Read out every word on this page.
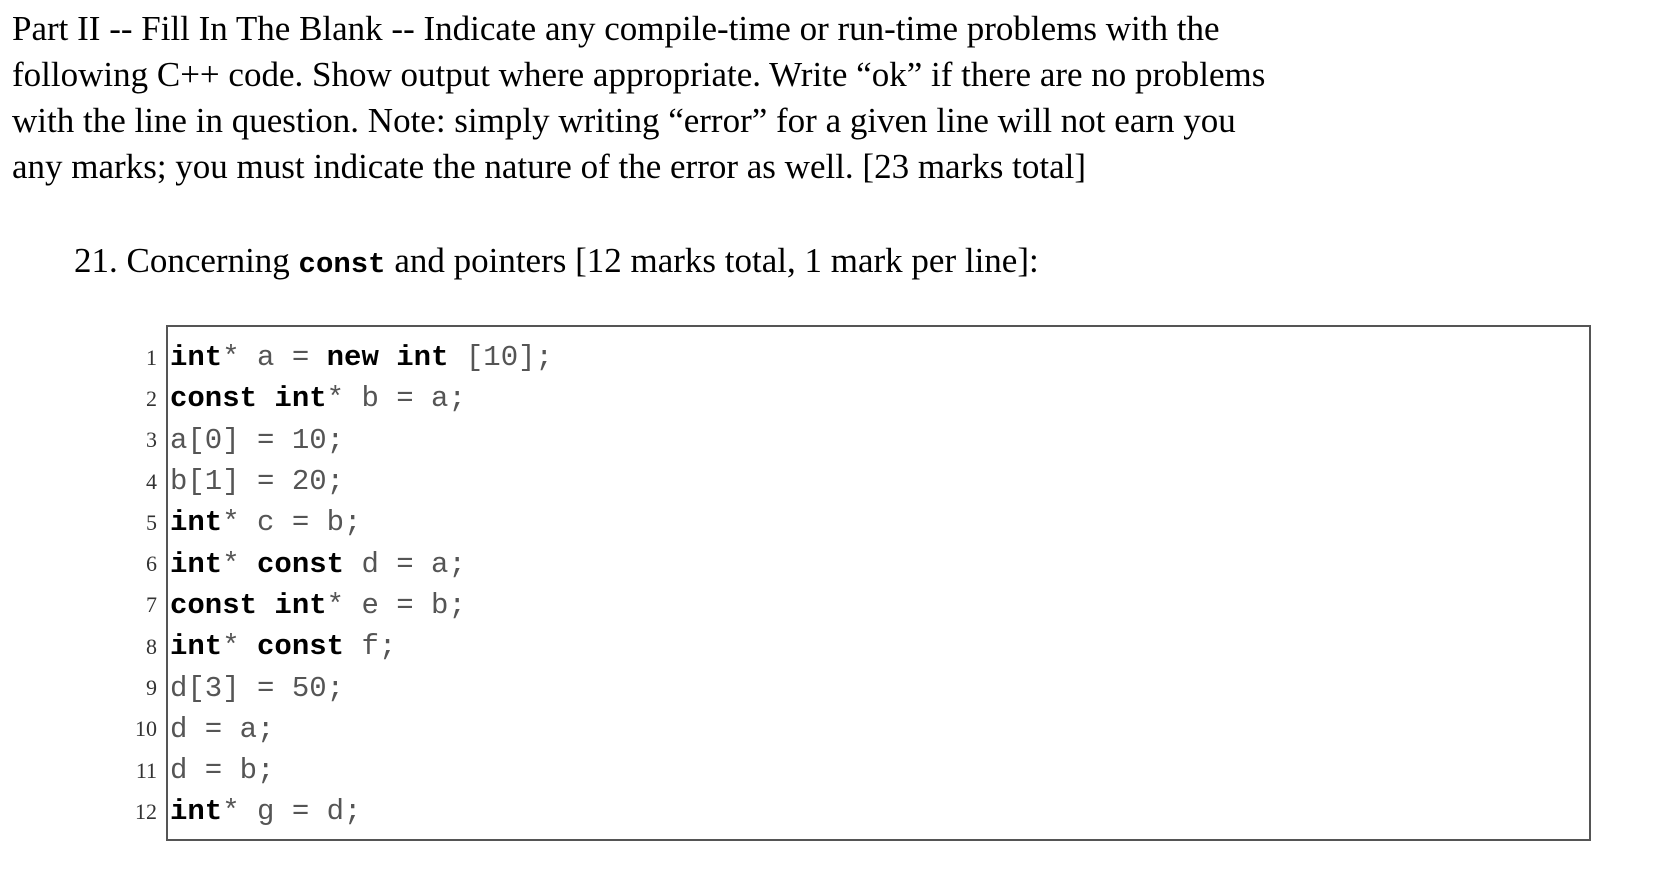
Part II -- Fill In The Blank -- Indicate any compile-time or run-time problems with the
following C++ code. Show output where appropriate. Write “ok” if there are no problems
with the line in question. Note: simply writing “error” for a given line will not earn you
any marks; you must indicate the nature of the error as well. [23 marks total]
21. Concerning const and pointers [12 marks total, 1 mark per line]:
1 int* a = new int [10];
2 const int* b = a;
3 a[0] = 10;
4 b[1] = 20;
5 int* c = b;
6 int* const d = a;
7 const int* e = b;
8 int* const f;
9 d[3] = 50;
10 d = a;
11 d = b;
12 int* g = d;
